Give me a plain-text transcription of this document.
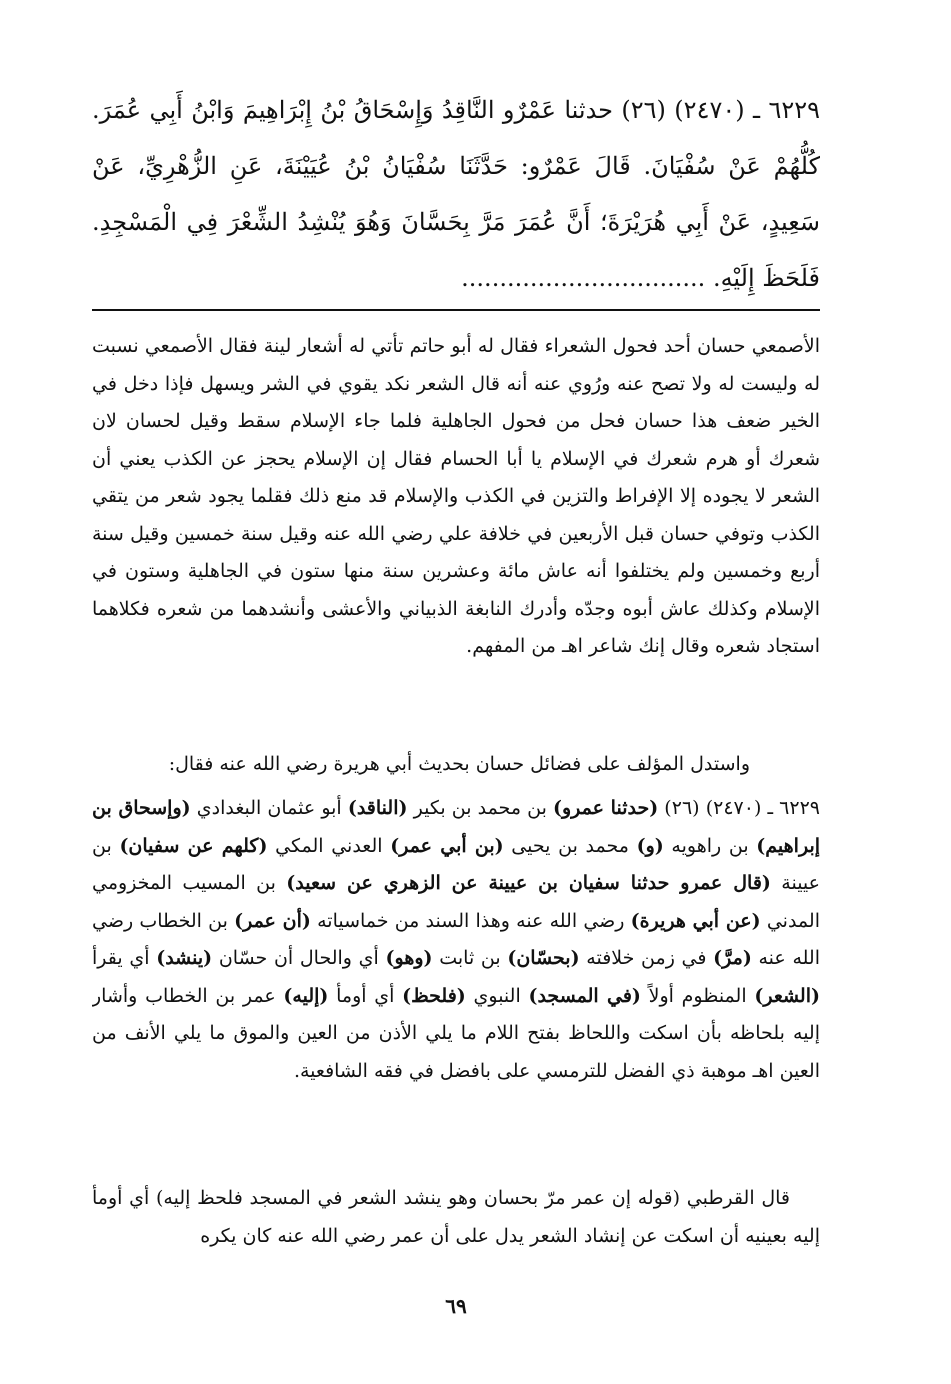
٦٢٢٩ ـ (٢٤٧٠) (٢٦) حدثنا عَمْرٌو النَّاقِدُ وَإِسْحَاقُ بْنُ إِبْرَاهِيمَ وَابْنُ أَبِي عُمَرَ. كُلُّهُمْ عَنْ سُفْيَانَ. قَالَ عَمْرٌو: حَدَّثَنَا سُفْيَانُ بْنُ عُيَيْنَةَ، عَنِ الزُّهْرِيِّ، عَنْ سَعِيدٍ، عَنْ أَبِي هُرَيْرَةَ؛ أَنَّ عُمَرَ مَرَّ بِحَسَّانَ وَهُوَ يُنْشِدُ الشِّعْرَ فِي الْمَسْجِدِ. فَلَحَظَ إِلَيْهِ. ................................

الأصمعي حسان أحد فحول الشعراء فقال له أبو حاتم تأتي له أشعار لينة فقال الأصمعي نسبت له وليست له ولا تصح عنه ورُوي عنه أنه قال الشعر نكد يقوي في الشر ويسهل فإذا دخل في الخير ضعف هذا حسان فحل من فحول الجاهلية فلما جاء الإسلام سقط وقيل لحسان لان شعرك أو هرم شعرك في الإسلام يا أبا الحسام فقال إن الإسلام يحجز عن الكذب يعني أن الشعر لا يجوده إلا الإفراط والتزين في الكذب والإسلام قد منع ذلك فقلما يجود شعر من يتقي الكذب وتوفي حسان قبل الأربعين في خلافة علي رضي الله عنه وقيل سنة خمسين وقيل سنة أربع وخمسين ولم يختلفوا أنه عاش مائة وعشرين سنة منها ستون في الجاهلية وستون في الإسلام وكذلك عاش أبوه وجدّه وأدرك النابغة الذبياني والأعشى وأنشدهما من شعره فكلاهما استجاد شعره وقال إنك شاعر اهـ من المفهم.

واستدل المؤلف على فضائل حسان بحديث أبي هريرة رضي الله عنه فقال:

٦٢٢٩ ـ (٢٤٧٠) (٢٦) (حدثنا عمرو) بن محمد بن بكير (الناقد) أبو عثمان البغدادي (وإسحاق بن إبراهيم) بن راهويه (و) محمد بن يحيى (بن أبي عمر) العدني المكي (كلهم عن سفيان) بن عيينة (قال عمرو حدثنا سفيان بن عيينة عن الزهري عن سعيد) بن المسيب المخزومي المدني (عن أبي هريرة) رضي الله عنه وهذا السند من خماسياته (أن عمر) بن الخطاب رضي الله عنه (مرَّ) في زمن خلافته (بحسّان) بن ثابت (وهو) أي والحال أن حسّان (ينشد) أي يقرأ (الشعر) المنظوم أولاً (في المسجد) النبوي (فلحظ) أي أومأ (إليه) عمر بن الخطاب وأشار إليه بلحاظه بأن اسكت واللحاظ بفتح اللام ما يلي الأذن من العين والموق ما يلي الأنف من العين اهـ موهبة ذي الفضل للترمسي على بافضل في فقه الشافعية.

قال القرطبي (قوله إن عمر مرّ بحسان وهو ينشد الشعر في المسجد فلحظ إليه) أي أومأ إليه بعينيه أن اسكت عن إنشاد الشعر يدل على أن عمر رضي الله عنه كان يكره

٦٩
